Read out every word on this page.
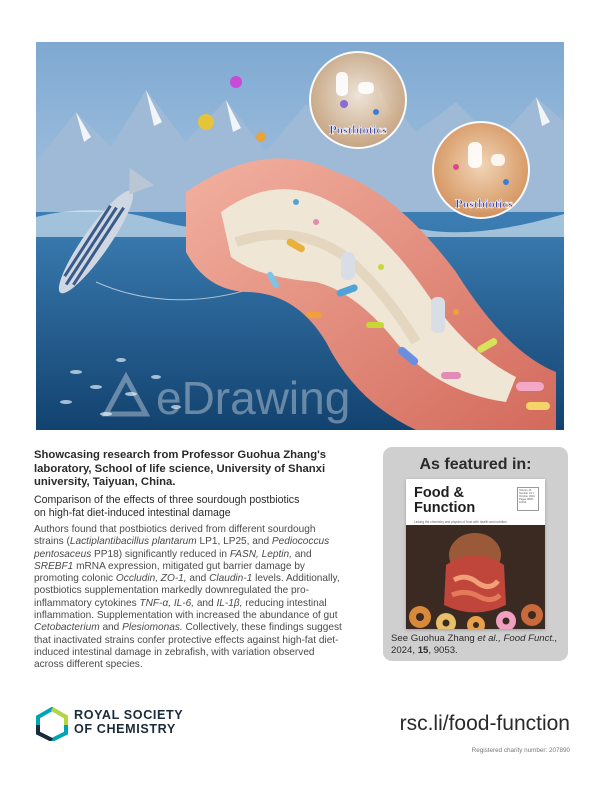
Postbiotics
Postbiotics
eDrawing
Showcasing research from Professor Guohua Zhang's
laboratory, School of life science, University of Shanxi
university, Taiyuan, China.
Comparison of the effects of three sourdough postbiotics
on high-fat diet-induced intestinal damage

Authors found that postbiotics derived from different sourdough strains (Lactiplantibacillus plantarum LP1, LP25, and Pediococcus pentosaceus PP18) significantly reduced in FASN, Leptin, and SREBF1 mRNA expression, mitigated gut barrier damage by promoting colonic Occludin, ZO-1, and Claudin-1 levels. Additionally, postbiotics supplementation markedly downregulated the pro-inflammatory cytokines TNF-α, IL-6, and IL-1β, reducing intestinal inflammation. Supplementation with increased the abundance of gut Cetobacterium and Plesiomonas. Collectively, these findings suggest that inactivated strains confer protective effects against high-fat diet-induced intestinal damage in zebrafish, with variation observed across different species.

As featured in:
Food &
Function
Volume 15 Number 19 7 October 2024 Pages 9535-10012
Linking the chemistry and physics of food with health and nutrition
See Guohua Zhang et al., Food Funct., 2024, 15, 9053.
ROYAL SOCIETY
OF CHEMISTRY	rsc.li/food-function
Registered charity number: 207890
